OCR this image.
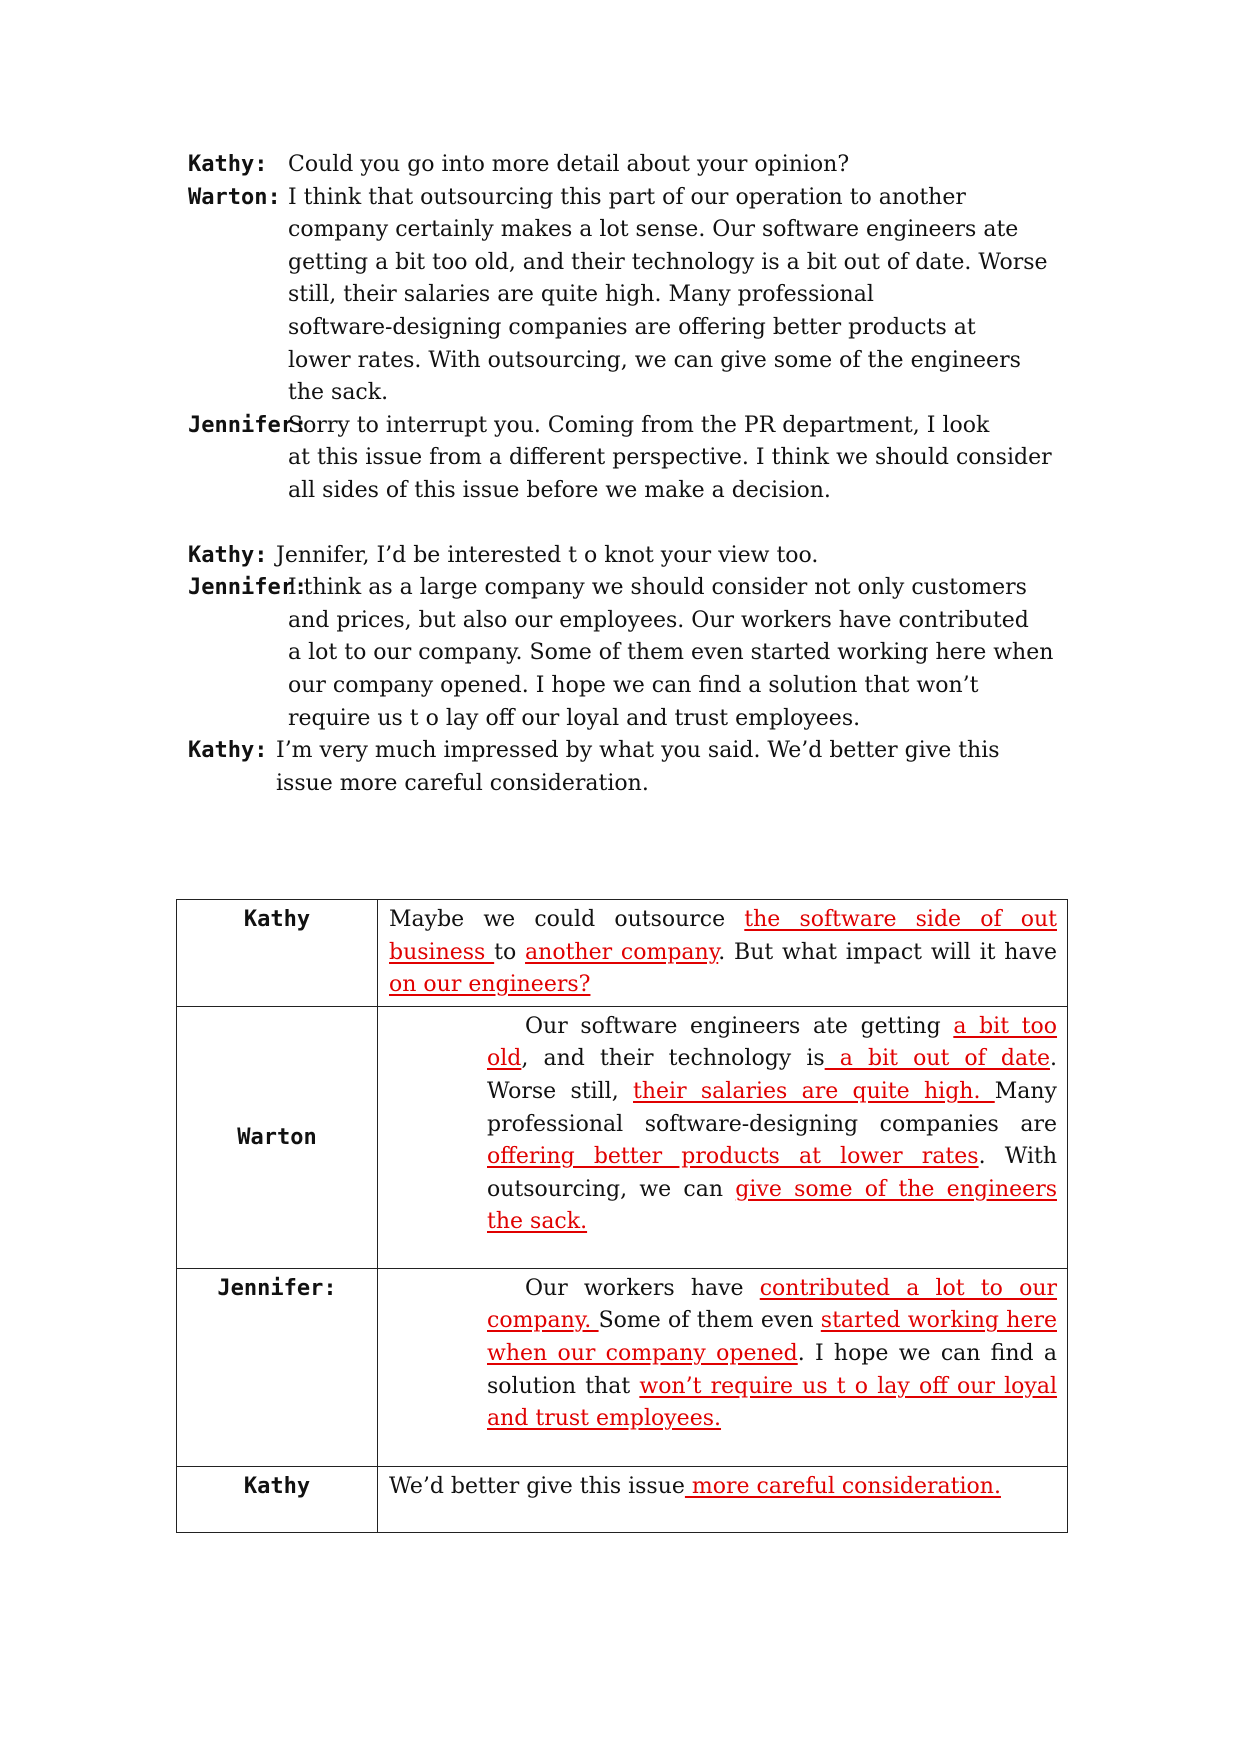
Kathy: Could you go into more detail about your opinion?
Warton: I think that outsourcing this part of our operation to another
company certainly makes a lot sense. Our software engineers ate
getting a bit too old, and their technology is a bit out of date. Worse
still, their salaries are quite high. Many professional
software-designing companies are offering better products at
lower rates. With outsourcing, we can give some of the engineers
the sack.
Jennifer:
Sorry to interrupt you. Coming from the PR department, I look
at this issue from a different perspective. I think we should consider
all sides of this issue before we make a decision.
Kathy: Jennifer, I’d be interested t o knot your view too.
Jennifer:
I think as a large company we should consider not only customers
and prices, but also our employees. Our workers have contributed
a lot to our company. Some of them even started working here when
our company opened. I hope we can find a solution that won’t
require us t o lay off our loyal and trust employees.
Kathy: I’m very much impressed by what you said. We’d better give this
issue more careful consideration.
Kathy	Maybe we could outsource the software side of out business to another company. But what impact will it have on our engineers?
Warton	Our software engineers ate getting a bit too old, and their technology is a bit out of date. Worse still, their salaries are quite high. Many professional software-designing companies are offering better products at lower rates. With outsourcing, we can give some of the engineers the sack.
Jennifer:	Our workers have contributed a lot to our company. Some of them even started working here when our company opened. I hope we can find a solution that won’t require us t o lay off our loyal and trust employees.
Kathy	We’d better give this issue more careful consideration.
